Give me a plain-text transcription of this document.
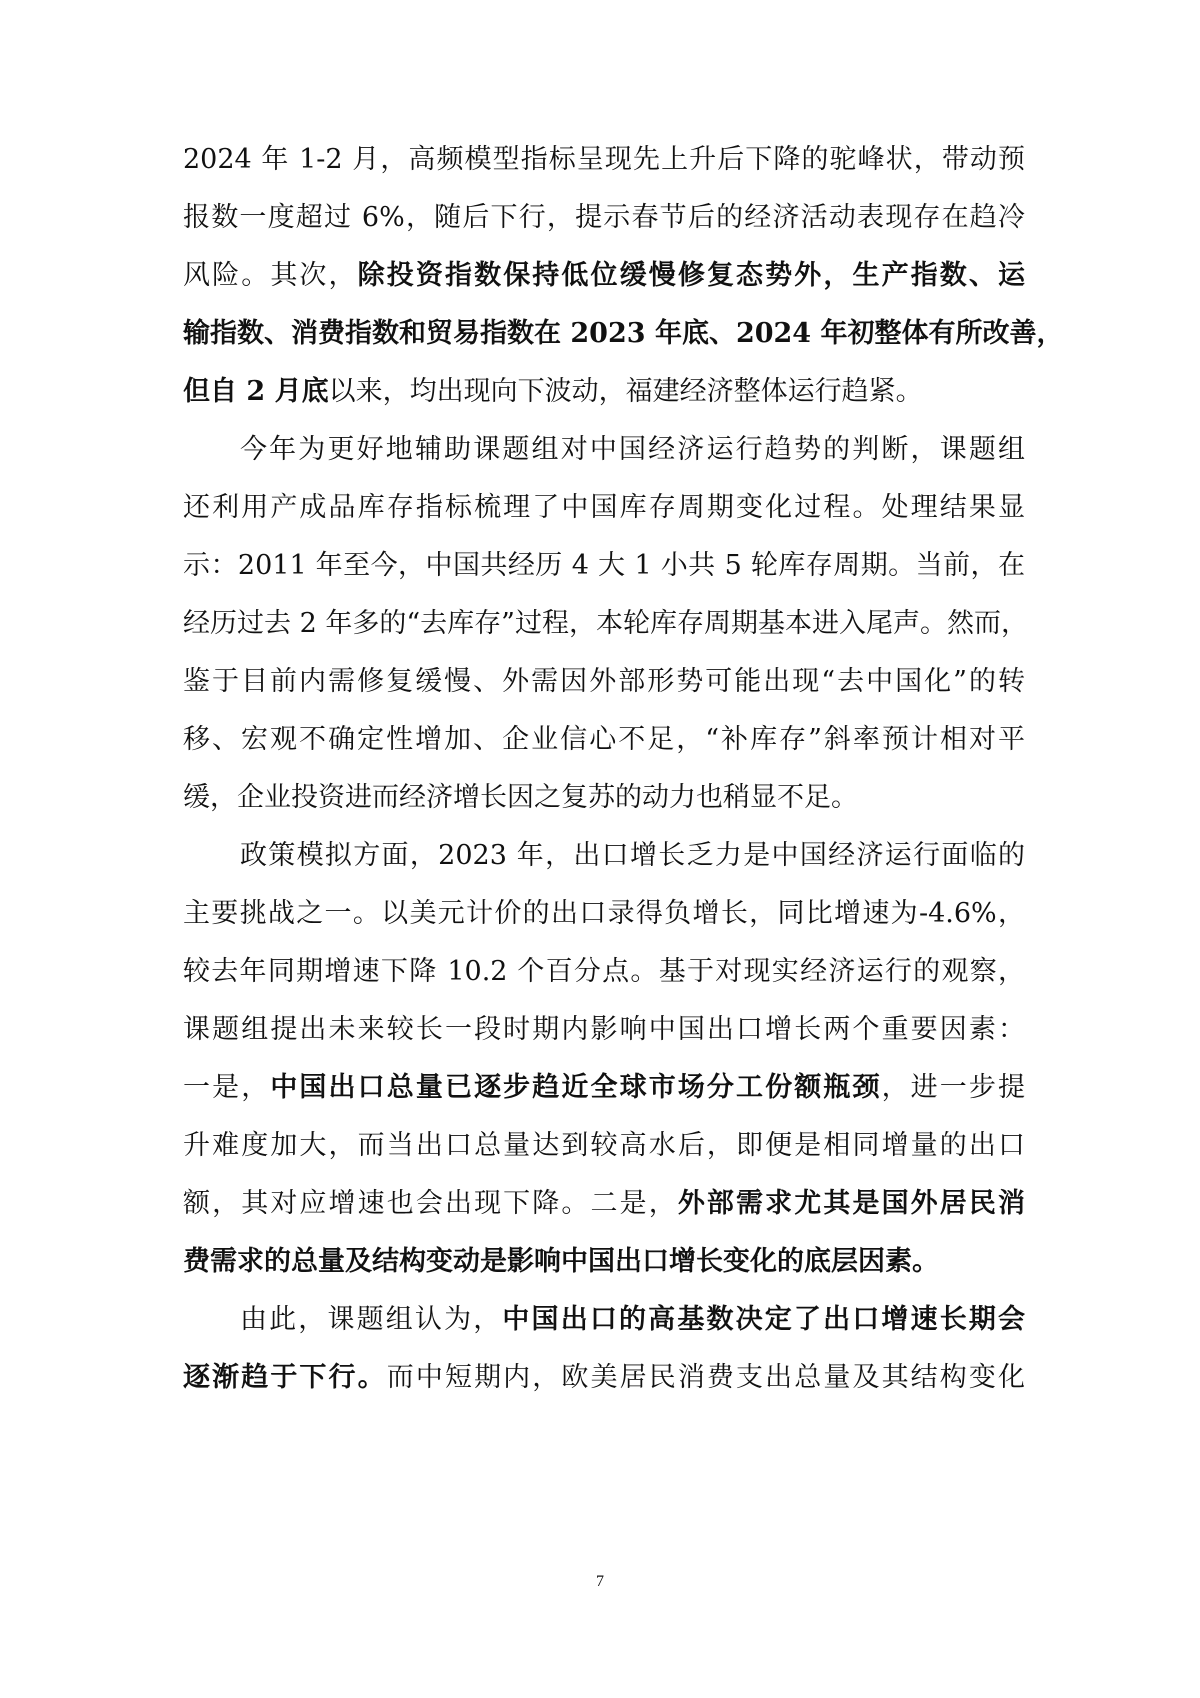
2024 年 1-2 月，高频模型指标呈现先上升后下降的驼峰状，带动预
报数一度超过 6%，随后下行，提示春节后的经济活动表现存在趋冷
风险。其次，除投资指数保持低位缓慢修复态势外，生产指数、运
输指数、消费指数和贸易指数在 2023 年底、2024 年初整体有所改善，
但自 2 月底以来，均出现向下波动，福建经济整体运行趋紧。
今年为更好地辅助课题组对中国经济运行趋势的判断，课题组
还利用产成品库存指标梳理了中国库存周期变化过程。处理结果显
示：2011 年至今，中国共经历 4 大 1 小共 5 轮库存周期。当前，在
经历过去 2 年多的“去库存”过程，本轮库存周期基本进入尾声。然而，
鉴于目前内需修复缓慢、外需因外部形势可能出现“去中国化”的转
移、宏观不确定性增加、企业信心不足，“补库存”斜率预计相对平
缓，企业投资进而经济增长因之复苏的动力也稍显不足。
政策模拟方面，2023 年，出口增长乏力是中国经济运行面临的
主要挑战之一。以美元计价的出口录得负增长，同比增速为-4.6%，
较去年同期增速下降 10.2 个百分点。基于对现实经济运行的观察，
课题组提出未来较长一段时期内影响中国出口增长两个重要因素：
一是，中国出口总量已逐步趋近全球市场分工份额瓶颈，进一步提
升难度加大，而当出口总量达到较高水后，即便是相同增量的出口
额，其对应增速也会出现下降。二是，外部需求尤其是国外居民消
费需求的总量及结构变动是影响中国出口增长变化的底层因素。
由此，课题组认为，中国出口的高基数决定了出口增速长期会
逐渐趋于下行。而中短期内，欧美居民消费支出总量及其结构变化
7
